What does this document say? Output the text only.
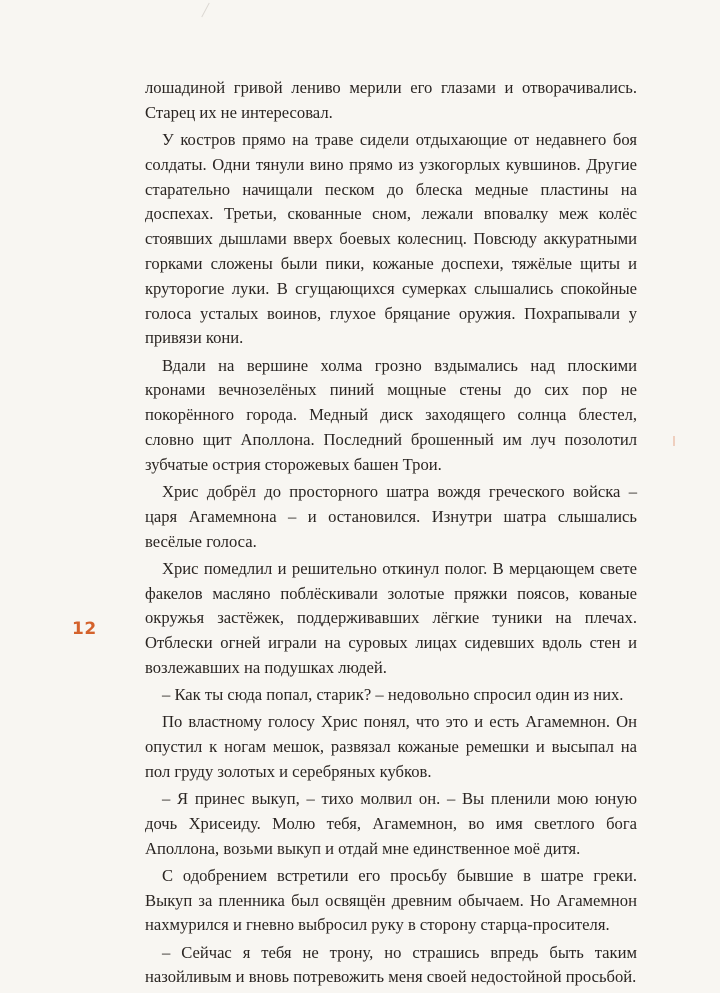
лошадиной гривой лениво мерили его глазами и отворачивались. Старец их не интересовал.

У костров прямо на траве сидели отдыхающие от недавнего боя солдаты. Одни тянули вино прямо из узкогорлых кувшинов. Другие старательно начищали песком до блеска медные пластины на доспехах. Третьи, скованные сном, лежали вповалку меж колёс стоявших дышлами вверх боевых колесниц. Повсюду аккуратными горками сложены были пики, кожаные доспехи, тяжёлые щиты и круторогие луки. В сгущающихся сумерках слышались спокойные голоса усталых воинов, глухое бряцание оружия. Похрапывали у привязи кони.

Вдали на вершине холма грозно вздымались над плоскими кронами вечнозелёных пиний мощные стены до сих пор не покорённого города. Медный диск заходящего солнца блестел, словно щит Аполлона. Последний брошенный им луч позолотил зубчатые острия сторожевых башен Трои.

Хрис добрёл до просторного шатра вождя греческого войска – царя Агамемнона – и остановился. Изнутри шатра слышались весёлые голоса.

Хрис помедлил и решительно откинул полог. В мерцающем свете факелов масляно поблёскивали золотые пряжки поясов, кованые окружья застёжек, поддерживавших лёгкие туники на плечах. Отблески огней играли на суровых лицах сидевших вдоль стен и возлежавших на подушках людей.

– Как ты сюда попал, старик? – недовольно спросил один из них.

По властному голосу Хрис понял, что это и есть Агамемнон. Он опустил к ногам мешок, развязал кожаные ремешки и высыпал на пол груду золотых и серебряных кубков.

– Я принес выкуп, – тихо молвил он. – Вы пленили мою юную дочь Хрисеиду. Молю тебя, Агамемнон, во имя светлого бога Аполлона, возьми выкуп и отдай мне единственное моё дитя.

С одобрением встретили его просьбу бывшие в шатре греки. Выкуп за пленника был освящён древним обычаем. Но Агамемнон нахмурился и гневно выбросил руку в сторону старца-просителя.

– Сейчас я тебя не трону, но страшись впредь быть таким назойливым и вновь потревожить меня своей недостойной просьбой.

12
